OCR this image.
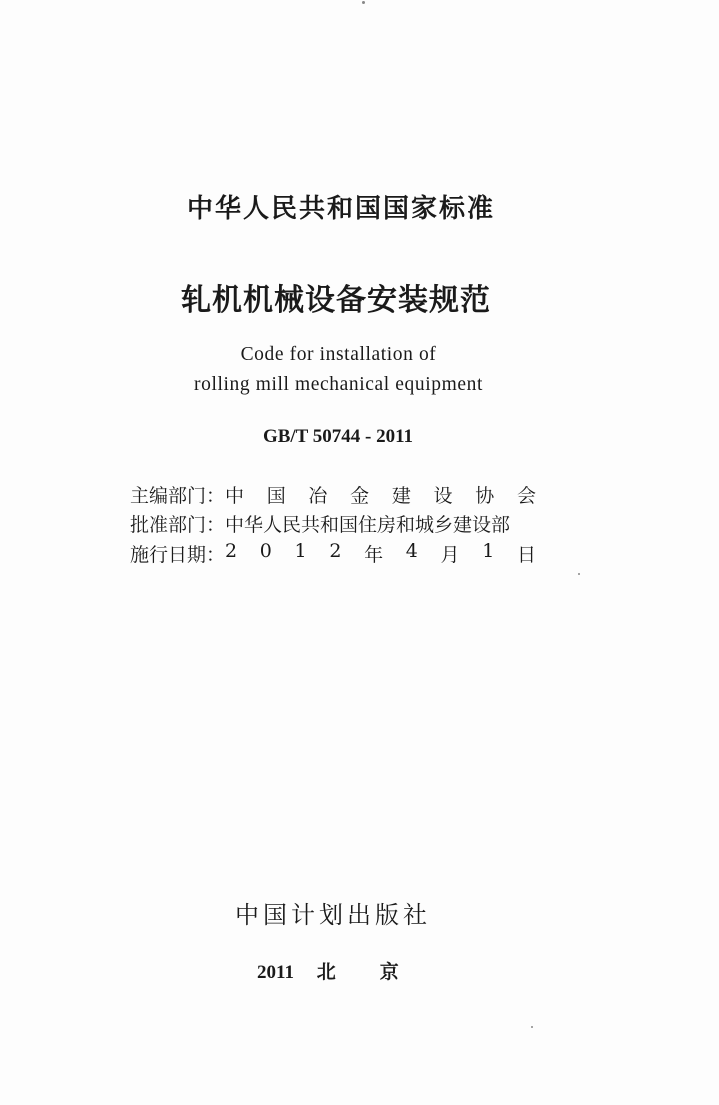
中华人民共和国国家标准
轧机机械设备安装规范
Code for installation of
rolling mill mechanical equipment
GB/T 50744 - 2011
主编部门： 中 国 冶 金 建 设 协 会
批准部门： 中华人民共和国住房和城乡建设部
施行日期： 2 0 1 2 年 4 月 1 日
中国计划出版社
2011 北 京
